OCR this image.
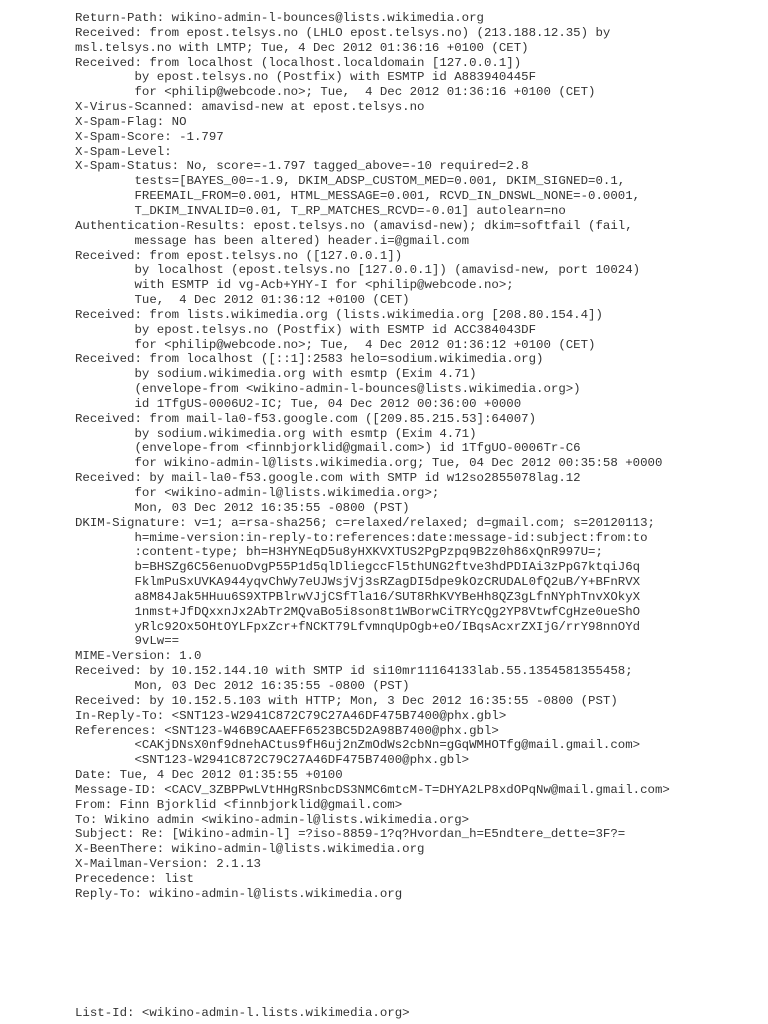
Return-Path: wikino-admin-l-bounces@lists.wikimedia.org
Received: from epost.telsys.no (LHLO epost.telsys.no) (213.188.12.35) by
msl.telsys.no with LMTP; Tue, 4 Dec 2012 01:36:16 +0100 (CET)
Received: from localhost (localhost.localdomain [127.0.0.1])
by epost.telsys.no (Postfix) with ESMTP id A883940445F
for <philip@webcode.no>; Tue,  4 Dec 2012 01:36:16 +0100 (CET)
X-Virus-Scanned: amavisd-new at epost.telsys.no
X-Spam-Flag: NO
X-Spam-Score: -1.797
X-Spam-Level:
X-Spam-Status: No, score=-1.797 tagged_above=-10 required=2.8
tests=[BAYES_00=-1.9, DKIM_ADSP_CUSTOM_MED=0.001, DKIM_SIGNED=0.1,
FREEMAIL_FROM=0.001, HTML_MESSAGE=0.001, RCVD_IN_DNSWL_NONE=-0.0001,
T_DKIM_INVALID=0.01, T_RP_MATCHES_RCVD=-0.01] autolearn=no
Authentication-Results: epost.telsys.no (amavisd-new); dkim=softfail (fail,
message has been altered) header.i=@gmail.com
Received: from epost.telsys.no ([127.0.0.1])
by localhost (epost.telsys.no [127.0.0.1]) (amavisd-new, port 10024)
with ESMTP id vg-Acb+YHY-I for <philip@webcode.no>;
Tue,  4 Dec 2012 01:36:12 +0100 (CET)
Received: from lists.wikimedia.org (lists.wikimedia.org [208.80.154.4])
by epost.telsys.no (Postfix) with ESMTP id ACC384043DF
for <philip@webcode.no>; Tue,  4 Dec 2012 01:36:12 +0100 (CET)
Received: from localhost ([::1]:2583 helo=sodium.wikimedia.org)
by sodium.wikimedia.org with esmtp (Exim 4.71)
(envelope-from <wikino-admin-l-bounces@lists.wikimedia.org>)
id 1TfgUS-0006U2-IC; Tue, 04 Dec 2012 00:36:00 +0000
Received: from mail-la0-f53.google.com ([209.85.215.53]:64007)
by sodium.wikimedia.org with esmtp (Exim 4.71)
(envelope-from <finnbjorklid@gmail.com>) id 1TfgUO-0006Tr-C6
for wikino-admin-l@lists.wikimedia.org; Tue, 04 Dec 2012 00:35:58 +0000
Received: by mail-la0-f53.google.com with SMTP id w12so2855078lag.12
for <wikino-admin-l@lists.wikimedia.org>;
Mon, 03 Dec 2012 16:35:55 -0800 (PST)
DKIM-Signature: v=1; a=rsa-sha256; c=relaxed/relaxed; d=gmail.com; s=20120113;
h=mime-version:in-reply-to:references:date:message-id:subject:from:to
:content-type; bh=H3HYNEqD5u8yHXKVXTUS2PgPzpq9B2z0h86xQnR997U=;
b=BHSZg6C56enuoDvgP55P1d5qlDliegccFl5thUNG2ftve3hdPDIAi3zPpG7ktqiJ6q
FklmPuSxUVKA944yqvChWy7eUJWsjVj3sRZagDI5dpe9kOzCRUDAL0fQ2uB/Y+BFnRVX
a8M84Jak5HHuu6S9XTPBlrwVJjCSfTla16/SUT8RhKVYBeHh8QZ3gLfnNYphTnvXOkyX
1nmst+JfDQxxnJx2AbTr2MQvaBo5i8son8t1WBorwCiTRYcQg2YP8VtwfCgHze0ueShO
yRlc92Ox5OHtOYLFpxZcr+fNCKT79LfvmnqUpOgb+eO/IBqsAcxrZXIjG/rrY98nnOYd
9vLw==
MIME-Version: 1.0
Received: by 10.152.144.10 with SMTP id si10mr11164133lab.55.1354581355458;
Mon, 03 Dec 2012 16:35:55 -0800 (PST)
Received: by 10.152.5.103 with HTTP; Mon, 3 Dec 2012 16:35:55 -0800 (PST)
In-Reply-To: <SNT123-W2941C872C79C27A46DF475B7400@phx.gbl>
References: <SNT123-W46B9CAAEFF6523BC5D2A98B7400@phx.gbl>
<CAKjDNsX0nf9dnehACtus9fH6uj2nZmOdWs2cbNn=gGqWMHOTfg@mail.gmail.com>
<SNT123-W2941C872C79C27A46DF475B7400@phx.gbl>
Date: Tue, 4 Dec 2012 01:35:55 +0100
Message-ID: <CACV_3ZBPPwLVtHHgRSnbcDS3NMC6mtcM-T=DHYA2LP8xdOPqNw@mail.gmail.com>
From: Finn Bjorklid <finnbjorklid@gmail.com>
To: Wikino admin <wikino-admin-l@lists.wikimedia.org>
Subject: Re: [Wikino-admin-l] =?iso-8859-1?q?Hvordan_h=E5ndtere_dette=3F?=
X-BeenThere: wikino-admin-l@lists.wikimedia.org
X-Mailman-Version: 2.1.13
Precedence: list
Reply-To: wikino-admin-l@lists.wikimedia.org
List-Id: <wikino-admin-l.lists.wikimedia.org>
